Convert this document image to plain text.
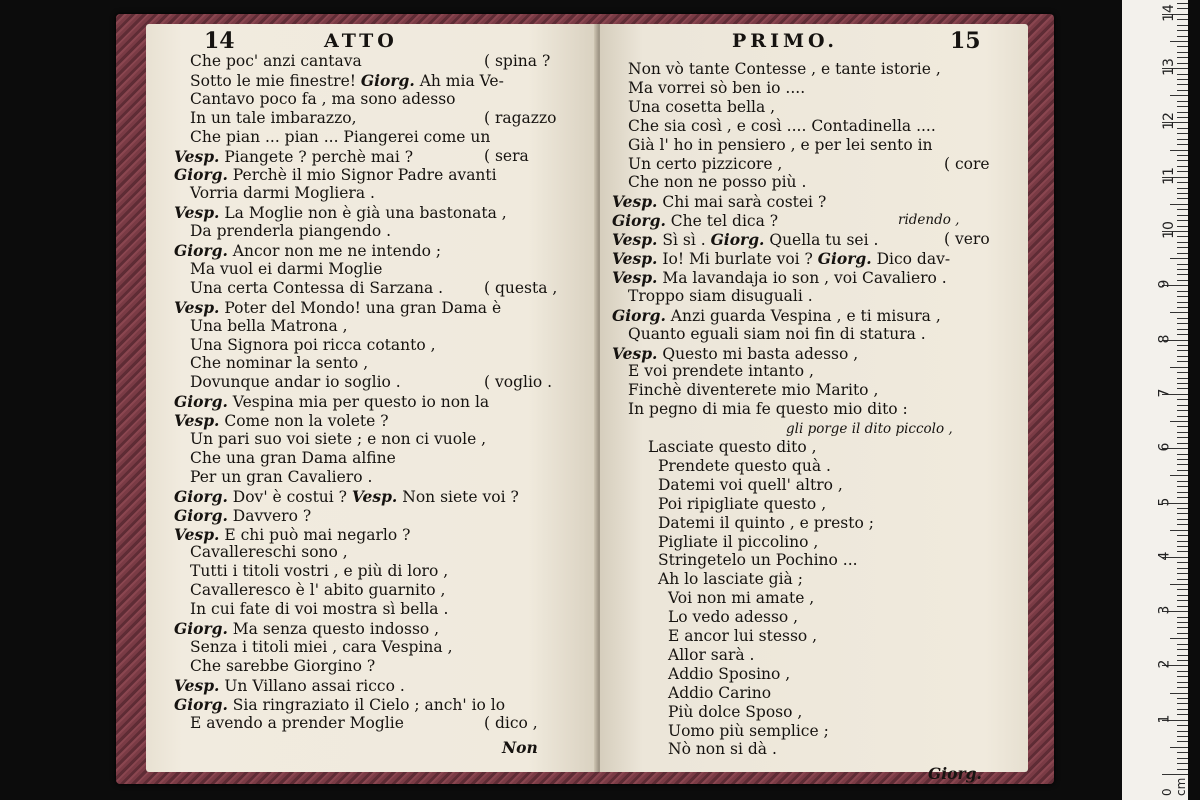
14	ATTO
Che poc' anzi cantava	( spina ?
Sotto le mie finestre! Giorg. Ah mia Ve-
Cantavo poco fa , ma sono adesso
In un tale imbarazzo,	( ragazzo
Che pian ... pian ... Piangerei come un
Vesp. Piangete ? perchè mai ?	( sera
Giorg. Perchè il mio Signor Padre avanti
Vorria darmi Mogliera .
Vesp. La Moglie non è già una bastonata ,
Da prenderla piangendo .
Giorg. Ancor non me ne intendo ;
Ma vuol ei darmi Moglie
Una certa Contessa di Sarzana .	( questa ,
Vesp. Poter del Mondo! una gran Dama è
Una bella Matrona ,
Una Signora poi ricca cotanto ,
Che nominar la sento ,
Dovunque andar io soglio .	( voglio .
Giorg. Vespina mia per questo io non la
Vesp. Come non la volete ?
Un pari suo voi siete ; e non ci vuole ,
Che una gran Dama alfine
Per un gran Cavaliero .
Giorg. Dov' è costui ? Vesp. Non siete voi ?
Giorg. Davvero ?
Vesp. E chi può mai negarlo ?
Cavallereschi sono ,
Tutti i titoli vostri , e più di loro ,
Cavalleresco è l' abito guarnito ,
In cui fate di voi mostra sì bella .
Giorg. Ma senza questo indosso ,
Senza i titoli miei , cara Vespina ,
Che sarebbe Giorgino ?
Vesp. Un Villano assai ricco .
Giorg. Sia ringraziato il Cielo ; anch' io lo
E avendo a prender Moglie	( dico ,
Non
PRIMO.	15
Non vò tante Contesse , e tante istorie ,
Ma vorrei sò ben io ....
Una cosetta bella ,
Che sia così , e così .... Contadinella ....
Già l' ho in pensiero , e per lei sento in
Un certo pizzicore ,	( core
Che non ne posso più .
Vesp. Chi mai sarà costei ?
Giorg. Che tel dica ?	ridendo ,
Vesp. Sì sì . Giorg. Quella tu sei .	( vero
Vesp. Io! Mi burlate voi ? Giorg. Dico dav-
Vesp. Ma lavandaja io son , voi Cavaliero .
Troppo siam disuguali .
Giorg. Anzi guarda Vespina , e ti misura ,
Quanto eguali siam noi fin di statura .
Vesp. Questo mi basta adesso ,
E voi prendete intanto ,
Finchè diventerete mio Marito ,
In pegno di mia fe questo mio dito :
gli porge il dito piccolo ,
Lasciate questo dito ,
Prendete questo quà .
Datemi voi quell' altro ,
Poi ripigliate questo ,
Datemi il quinto , e presto ;
Pigliate il piccolino ,
Stringetelo un Pochino ...
Ah lo lasciate già ;
Voi non mi amate ,
Lo vedo adesso ,
E ancor lui stesso ,
Allor sarà .
Addio Sposino ,
Addio Carino
Più dolce Sposo ,
Uomo più semplice ;
Nò non si dà .
Giorg.
1
2
3
4
5
6
7
8
9
10
11
12
13
14
0 cm
